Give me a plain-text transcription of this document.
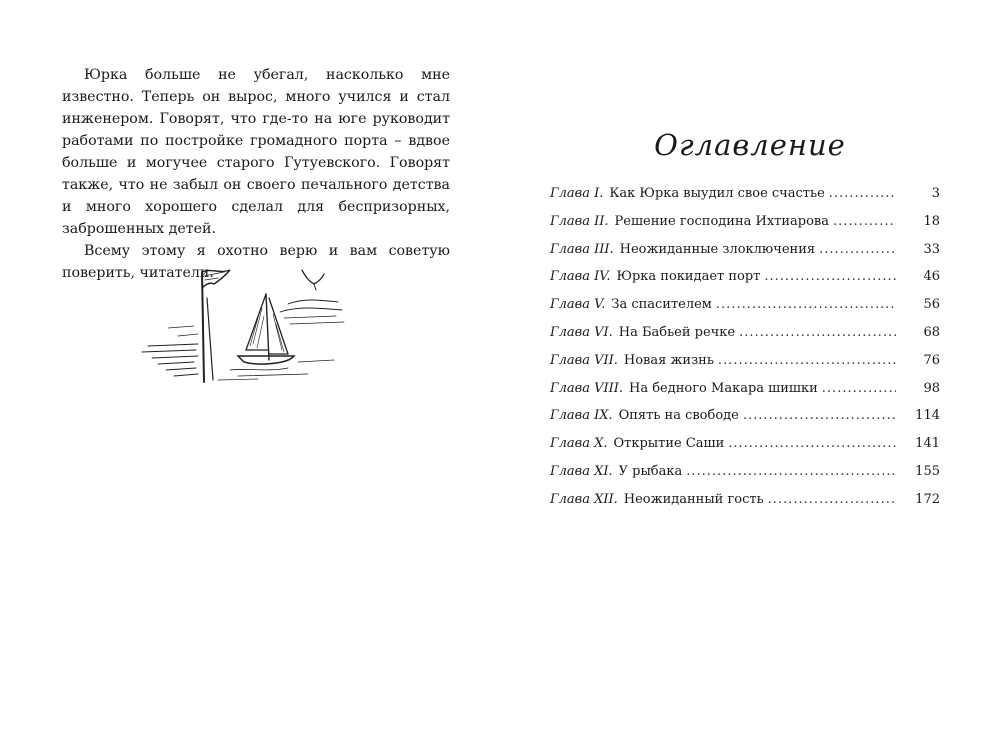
Юрка больше не убегал, насколько мне известно. Теперь он вырос, много учился и стал инженером. Говорят, что где-то на юге руководит работами по постройке громадного порта – вдвое больше и могучее старого Гутуевского. Говорят также, что не забыл он своего печального детства и много хорошего сделал для беспризорных, заброшенных детей.

Всему этому я охотно верю и вам советую поверить, читатели.

Оглавление
Глава I. Как Юрка выудил свое счастье .....	3
Глава II. Решение господина Ихтиарова .....	18
Глава III. Неожиданные злоключения .....	33
Глава IV. Юрка покидает порт .....	46
Глава V. За спасителем .....	56
Глава VI. На Бабьей речке .....	68
Глава VII. Новая жизнь .....	76
Глава VIII. На бедного Макара шишки .....	98
Глава IX. Опять на свободе .....	114
Глава X. Открытие Саши .....	141
Глава XI. У рыбака .....	155
Глава XII. Неожиданный гость .....	172
